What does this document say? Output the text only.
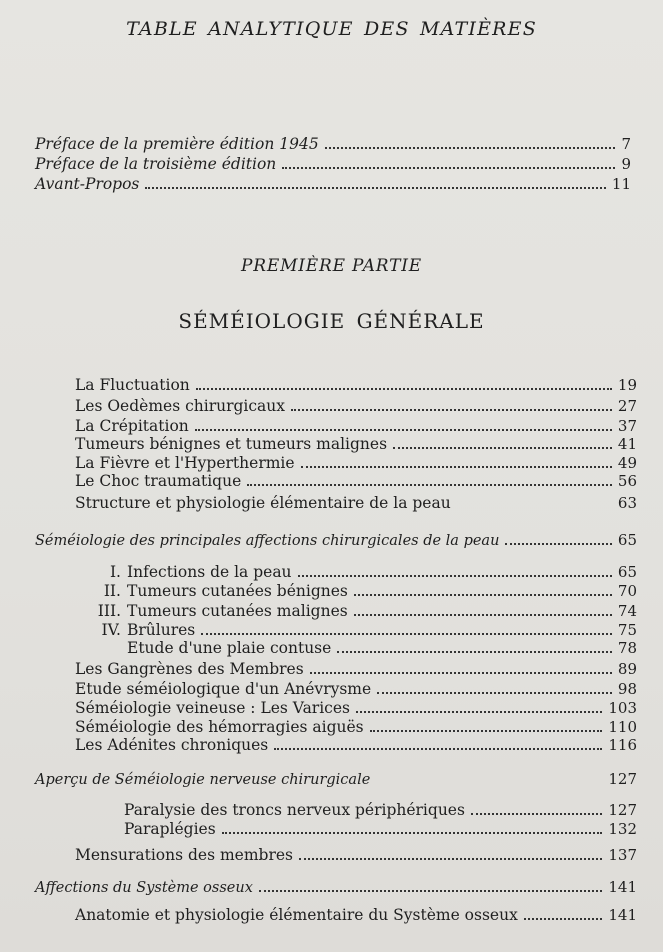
TABLE ANALYTIQUE DES MATIÈRES
Préface de la première édition 1945	7
Préface de la troisième édition	9
Avant-Propos	11
PREMIÈRE PARTIE
SÉMÉIOLOGIE GÉNÉRALE
La Fluctuation	19
Les Oedèmes chirurgicaux	27
La Crépitation	37
Tumeurs bénignes et tumeurs malignes	41
La Fièvre et l'Hyperthermie	49
Le Choc traumatique	56
Structure et physiologie élémentaire de la peau	63
Séméiologie des principales affections chirurgicales de la peau	65
I. Infections de la peau	65
II. Tumeurs cutanées bénignes	70
III. Tumeurs cutanées malignes	74
IV. Brûlures	75
Etude d'une plaie contuse	78
Les Gangrènes des Membres	89
Etude séméiologique d'un Anévrysme	98
Séméiologie veineuse : Les Varices	103
Séméiologie des hémorragies aiguës	110
Les Adénites chroniques	116
Aperçu de Séméiologie nerveuse chirurgicale	127
Paralysie des troncs nerveux périphériques	127
Paraplégies	132
Mensurations des membres	137
Affections du Système osseux	141
Anatomie et physiologie élémentaire du Système osseux	141
